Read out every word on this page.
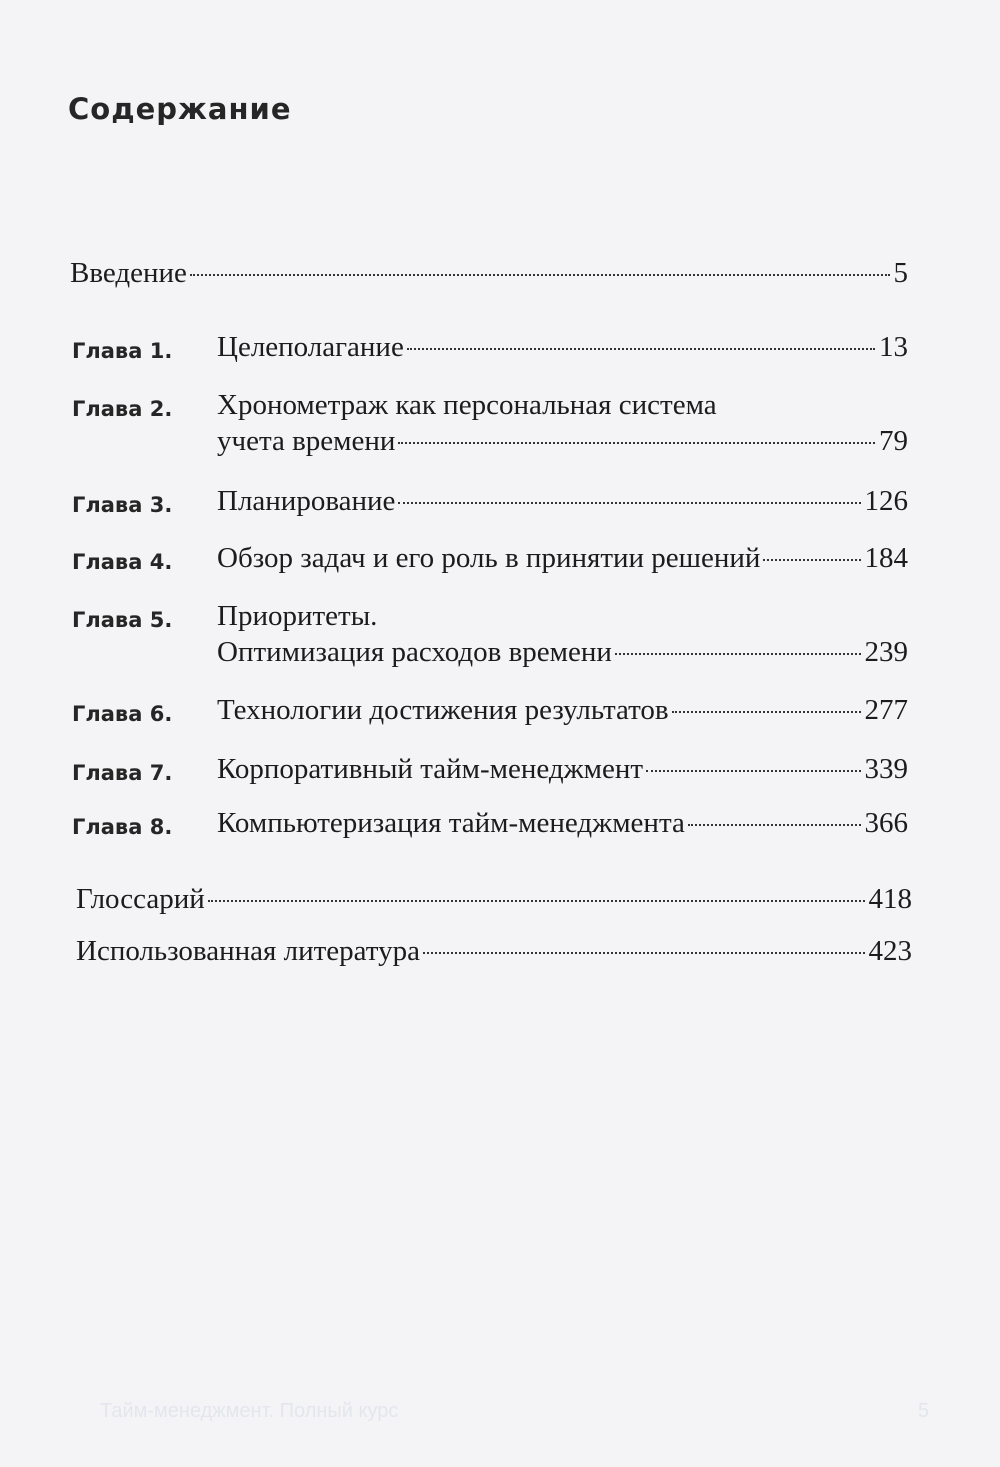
Содержание
Введение	5
Глава 1. Целеполагание	13
Глава 2. Хронометраж как персональная система
учета времени	79
Глава 3. Планирование	126
Глава 4. Обзор задач и его роль в принятии решений	184
Глава 5. Приоритеты.
Оптимизация расходов времени	239
Глава 6. Технологии достижения результатов	277
Глава 7. Корпоративный тайм-менеджмент	339
Глава 8. Компьютеризация тайм-менеджмента	366
Глоссарий	418
Использованная литература	423
Тайм-менеджмент. Полный курс	5
